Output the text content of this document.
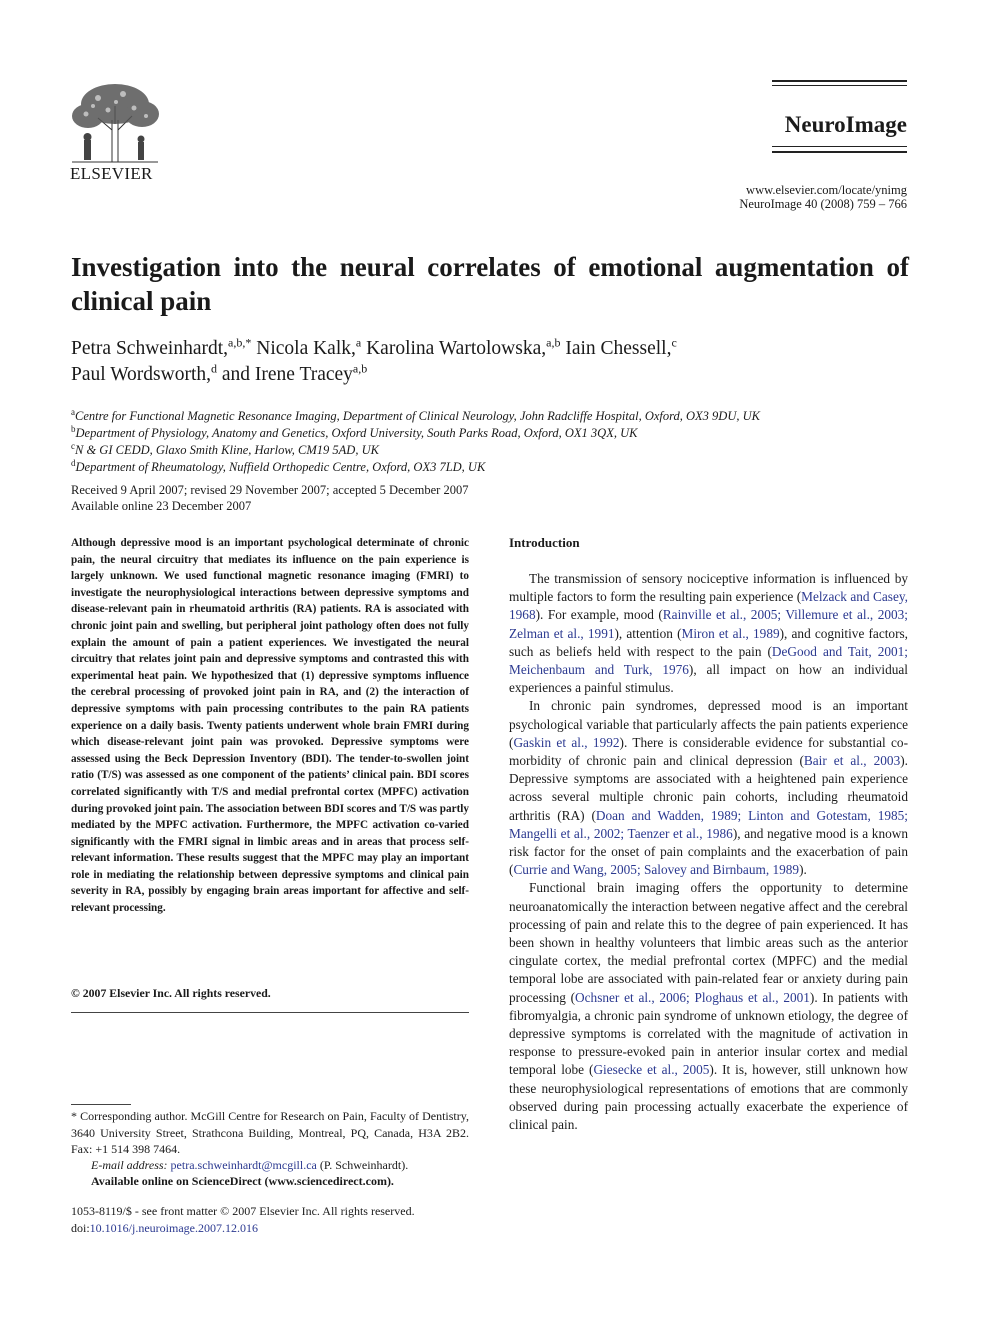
ELSEVIER
NeuroImage
www.elsevier.com/locate/ynimg
NeuroImage 40 (2008) 759 – 766
Investigation into the neural correlates of emotional augmentation of clinical pain
Petra Schweinhardt,$^{a,b,*}$ Nicola Kalk,$^a$ Karolina Wartolowska,$^{a,b}$ Iain Chessell,$^c$
Paul Wordsworth,$^d$ and Irene Tracey$^{a,b}$
$^a$Centre for Functional Magnetic Resonance Imaging, Department of Clinical Neurology, John Radcliffe Hospital, Oxford, OX3 9DU, UK
$^b$Department of Physiology, Anatomy and Genetics, Oxford University, South Parks Road, Oxford, OX1 3QX, UK
$^c$N & GI CEDD, Glaxo Smith Kline, Harlow, CM19 5AD, UK
$^d$Department of Rheumatology, Nuffield Orthopedic Centre, Oxford, OX3 7LD, UK
Received 9 April 2007; revised 29 November 2007; accepted 5 December 2007
Available online 23 December 2007

Although depressive mood is an important psychological determinate of chronic pain, the neural circuitry that mediates its influence on the pain experience is largely unknown. We used functional magnetic resonance imaging (FMRI) to investigate the neurophysiological interactions between depressive symptoms and disease-relevant pain in rheumatoid arthritis (RA) patients. RA is associated with chronic joint pain and swelling, but peripheral joint pathology often does not fully explain the amount of pain a patient experiences. We investigated the neural circuitry that relates joint pain and depressive symptoms and contrasted this with experimental heat pain. We hypothesized that (1) depressive symptoms influence the cerebral processing of provoked joint pain in RA, and (2) the interaction of depressive symptoms with pain processing contributes to the pain RA patients experience on a daily basis. Twenty patients underwent whole brain FMRI during which disease-relevant joint pain was provoked. Depressive symptoms were assessed using the Beck Depression Inventory (BDI). The tender-to-swollen joint ratio (T/S) was assessed as one component of the patients’ clinical pain. BDI scores correlated significantly with T/S and medial prefrontal cortex (MPFC) activation during provoked joint pain. The association between BDI scores and T/S was partly mediated by the MPFC activation. Furthermore, the MPFC activation co-varied significantly with the FMRI signal in limbic areas and in areas that process self-relevant information. These results suggest that the MPFC may play an important role in mediating the relationship between depressive symptoms and clinical pain severity in RA, possibly by engaging brain areas important for affective and self-relevant processing.

© 2007 Elsevier Inc. All rights reserved.
* Corresponding author. McGill Centre for Research on Pain, Faculty of Dentistry, 3640 University Street, Strathcona Building, Montreal, PQ, Canada, H3A 2B2. Fax: +1 514 398 7464.
E-mail address: petra.schweinhardt@mcgill.ca (P. Schweinhardt).
Available online on ScienceDirect (www.sciencedirect.com).
1053-8119/$ - see front matter © 2007 Elsevier Inc. All rights reserved.
doi:10.1016/j.neuroimage.2007.12.016
Introduction

The transmission of sensory nociceptive information is influenced by multiple factors to form the resulting pain experience (Melzack and Casey, 1968). For example, mood (Rainville et al., 2005; Villemure et al., 2003; Zelman et al., 1991), attention (Miron et al., 1989), and cognitive factors, such as beliefs held with respect to the pain (DeGood and Tait, 2001; Meichenbaum and Turk, 1976), all impact on how an individual experiences a painful stimulus.

In chronic pain syndromes, depressed mood is an important psychological variable that particularly affects the pain patients experience (Gaskin et al., 1992). There is considerable evidence for substantial co-morbidity of chronic pain and clinical depression (Bair et al., 2003). Depressive symptoms are associated with a heightened pain experience across several multiple chronic pain cohorts, including rheumatoid arthritis (RA) (Doan and Wadden, 1989; Linton and Gotestam, 1985; Mangelli et al., 2002; Taenzer et al., 1986), and negative mood is a known risk factor for the onset of pain complaints and the exacerbation of pain (Currie and Wang, 2005; Salovey and Birnbaum, 1989).

Functional brain imaging offers the opportunity to determine neuroanatomically the interaction between negative affect and the cerebral processing of pain and relate this to the degree of pain experienced. It has been shown in healthy volunteers that limbic areas such as the anterior cingulate cortex, the medial prefrontal cortex (MPFC) and the medial temporal lobe are associated with pain-related fear or anxiety during pain processing (Ochsner et al., 2006; Ploghaus et al., 2001). In patients with fibromyalgia, a chronic pain syndrome of unknown etiology, the degree of depressive symptoms is correlated with the magnitude of activation in response to pressure-evoked pain in anterior insular cortex and medial temporal lobe (Giesecke et al., 2005). It is, however, still unknown how these neurophysiological representations of emotions that are commonly observed during pain processing actually exacerbate the experience of clinical pain.
